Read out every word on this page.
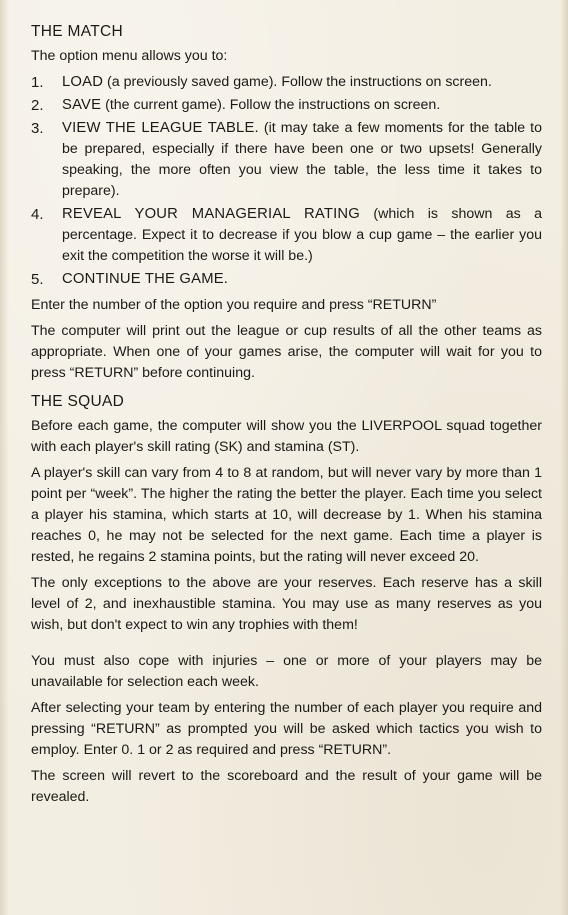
THE MATCH

The option menu allows you to:

1. LOAD (a previously saved game). Follow the instructions on screen.
2. SAVE (the current game). Follow the instructions on screen.
3. VIEW THE LEAGUE TABLE. (it may take a few moments for the table to be prepared, especially if there have been one or two upsets! Generally speaking, the more often you view the table, the less time it takes to prepare).
4. REVEAL YOUR MANAGERIAL RATING (which is shown as a percentage. Expect it to decrease if you blow a cup game – the earlier you exit the competition the worse it will be.)
5. CONTINUE THE GAME.

Enter the number of the option you require and press “RETURN”

The computer will print out the league or cup results of all the other teams as appropriate. When one of your games arise, the computer will wait for you to press “RETURN” before continuing.

THE SQUAD

Before each game, the computer will show you the LIVERPOOL squad together with each player's skill rating (SK) and stamina (ST).

A player's skill can vary from 4 to 8 at random, but will never vary by more than 1 point per “week”. The higher the rating the better the player. Each time you select a player his stamina, which starts at 10, will decrease by 1. When his stamina reaches 0, he may not be selected for the next game. Each time a player is rested, he regains 2 stamina points, but the rating will never exceed 20.

The only exceptions to the above are your reserves. Each reserve has a skill level of 2, and inexhaustible stamina. You may use as many reserves as you wish, but don't expect to win any trophies with them!

You must also cope with injuries – one or more of your players may be unavailable for selection each week.

After selecting your team by entering the number of each player you require and pressing “RETURN” as prompted you will be asked which tactics you wish to employ. Enter 0. 1 or 2 as required and press “RETURN”.

The screen will revert to the scoreboard and the result of your game will be revealed.
